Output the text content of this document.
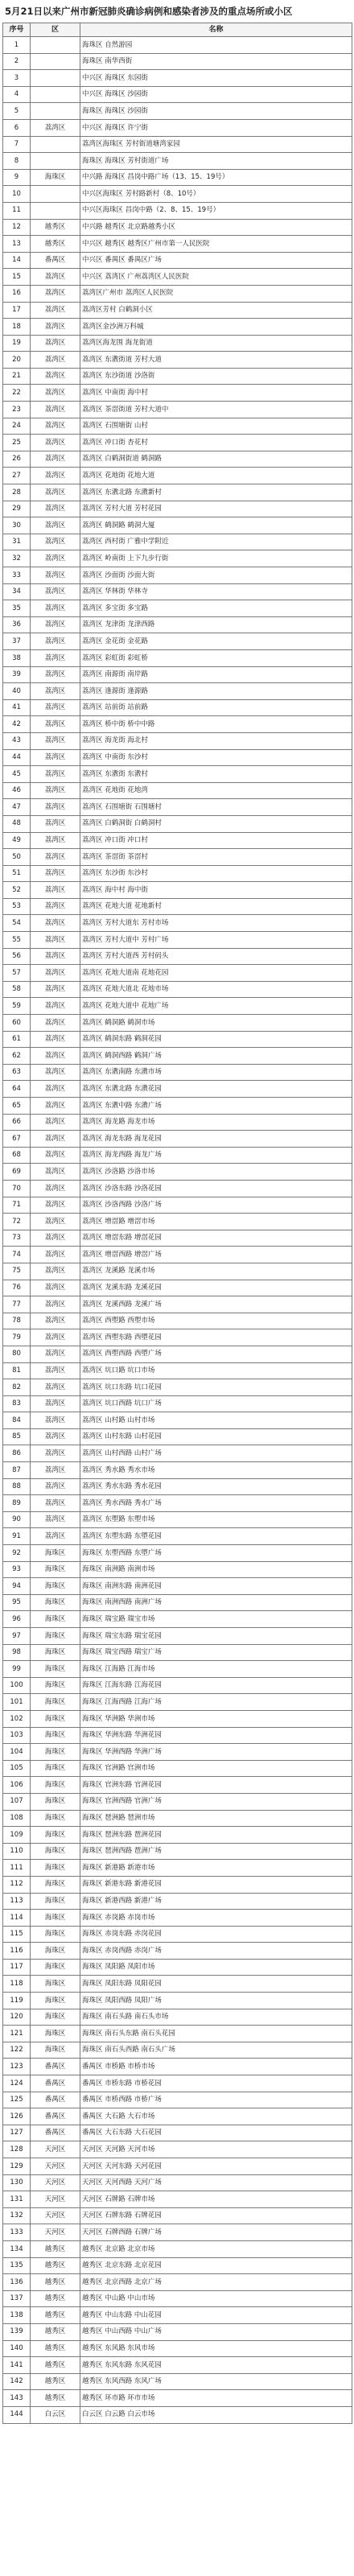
5月21日以来广州市新冠肺炎确诊病例和感染者涉及的重点场所或小区
序号	区	名称
1		海珠区 自然游园
2		海珠区 南华西街
3		中兴区 海珠区 东园街
4		中兴区 海珠区 沙园街
5		海珠区 海珠区 沙园街
6	荔湾区	中兴区 海珠区 许宁街
7		荔湾区海珠区 芳村街道塘湾家园
8		海珠区 海珠区 芳村街道广场
9	海珠区	中兴路 海珠区 昌岗中路广场（13、15、19号）
10		中兴区海珠区 芳村路新村（8、10号）
11		中兴区海珠区 昌岗中路（2、8、15、19号）
12	越秀区	中兴路 越秀区 北京路越秀小区
13	越秀区	中兴区 越秀区 越秀区广州市第一人民医院
14	番禺区	中兴区 番禺区 番禺区广场
15	荔湾区	中兴区 荔湾区 广州荔湾区人民医院
16	荔湾区	荔湾区广州市 荔湾区人民医院
17	荔湾区	荔湾区芳村 白鹤洞小区
18	荔湾区	荔湾区金沙洲万科城
19	荔湾区	荔湾区海龙围 海龙街道
20	荔湾区	荔湾区 东漖街道 芳村大道
21	荔湾区	荔湾区 东沙街道 沙洛街
22	荔湾区	荔湾区 中南街 海中村
23	荔湾区	荔湾区 茶滘街道 芳村大道中
24	荔湾区	荔湾区 石围塘街 山村
25	荔湾区	荔湾区 冲口街 杏花村
26	荔湾区	荔湾区 白鹤洞街道 鹤洞路
27	荔湾区	荔湾区 花地街 花地大道
28	荔湾区	荔湾区 东漖北路 东漖新村
29	荔湾区	荔湾区 芳村大道 芳村花园
30	荔湾区	荔湾区 鹤洞路 鹤洞大厦
31	荔湾区	荔湾区 西村街 广雅中学附近
32	荔湾区	荔湾区 岭南街 上下九步行街
33	荔湾区	荔湾区 沙面街 沙面大街
34	荔湾区	荔湾区 华林街 华林寺
35	荔湾区	荔湾区 多宝街 多宝路
36	荔湾区	荔湾区 龙津街 龙津西路
37	荔湾区	荔湾区 金花街 金花路
38	荔湾区	荔湾区 彩虹街 彩虹桥
39	荔湾区	荔湾区 南源街 南岸路
40	荔湾区	荔湾区 逢源街 逢源路
41	荔湾区	荔湾区 站前街 站前路
42	荔湾区	荔湾区 桥中街 桥中中路
43	荔湾区	荔湾区 海龙街 海北村
44	荔湾区	荔湾区 中南街 东沙村
45	荔湾区	荔湾区 东漖街 东漖村
46	荔湾区	荔湾区 花地街 花地湾
47	荔湾区	荔湾区 石围塘街 石围塘村
48	荔湾区	荔湾区 白鹤洞街 白鹤洞村
49	荔湾区	荔湾区 冲口街 冲口村
50	荔湾区	荔湾区 茶滘街 茶滘村
51	荔湾区	荔湾区 东沙街 东沙村
52	荔湾区	荔湾区 海中村 海中街
53	荔湾区	荔湾区 花地大道 花地新村
54	荔湾区	荔湾区 芳村大道东 芳村市场
55	荔湾区	荔湾区 芳村大道中 芳村广场
56	荔湾区	荔湾区 芳村大道西 芳村码头
57	荔湾区	荔湾区 花地大道南 花地花园
58	荔湾区	荔湾区 花地大道北 花地市场
59	荔湾区	荔湾区 花地大道中 花地广场
60	荔湾区	荔湾区 鹤洞路 鹤洞市场
61	荔湾区	荔湾区 鹤洞东路 鹤洞花园
62	荔湾区	荔湾区 鹤洞西路 鹤洞广场
63	荔湾区	荔湾区 东漖南路 东漖市场
64	荔湾区	荔湾区 东漖北路 东漖花园
65	荔湾区	荔湾区 东漖中路 东漖广场
66	荔湾区	荔湾区 海龙路 海龙市场
67	荔湾区	荔湾区 海龙东路 海龙花园
68	荔湾区	荔湾区 海龙西路 海龙广场
69	荔湾区	荔湾区 沙洛路 沙洛市场
70	荔湾区	荔湾区 沙洛东路 沙洛花园
71	荔湾区	荔湾区 沙洛西路 沙洛广场
72	荔湾区	荔湾区 增滘路 增滘市场
73	荔湾区	荔湾区 增滘东路 增滘花园
74	荔湾区	荔湾区 增滘西路 增滘广场
75	荔湾区	荔湾区 龙溪路 龙溪市场
76	荔湾区	荔湾区 龙溪东路 龙溪花园
77	荔湾区	荔湾区 龙溪西路 龙溪广场
78	荔湾区	荔湾区 西塱路 西塱市场
79	荔湾区	荔湾区 西塱东路 西塱花园
80	荔湾区	荔湾区 西塱西路 西塱广场
81	荔湾区	荔湾区 坑口路 坑口市场
82	荔湾区	荔湾区 坑口东路 坑口花园
83	荔湾区	荔湾区 坑口西路 坑口广场
84	荔湾区	荔湾区 山村路 山村市场
85	荔湾区	荔湾区 山村东路 山村花园
86	荔湾区	荔湾区 山村西路 山村广场
87	荔湾区	荔湾区 秀水路 秀水市场
88	荔湾区	荔湾区 秀水东路 秀水花园
89	荔湾区	荔湾区 秀水西路 秀水广场
90	荔湾区	荔湾区 东塱路 东塱市场
91	荔湾区	荔湾区 东塱东路 东塱花园
92	海珠区	海珠区 东塱西路 东塱广场
93	海珠区	海珠区 南洲路 南洲市场
94	海珠区	海珠区 南洲东路 南洲花园
95	海珠区	海珠区 南洲西路 南洲广场
96	海珠区	海珠区 瑞宝路 瑞宝市场
97	海珠区	海珠区 瑞宝东路 瑞宝花园
98	海珠区	海珠区 瑞宝西路 瑞宝广场
99	海珠区	海珠区 江海路 江海市场
100	海珠区	海珠区 江海东路 江海花园
101	海珠区	海珠区 江海西路 江海广场
102	海珠区	海珠区 华洲路 华洲市场
103	海珠区	海珠区 华洲东路 华洲花园
104	海珠区	海珠区 华洲西路 华洲广场
105	海珠区	海珠区 官洲路 官洲市场
106	海珠区	海珠区 官洲东路 官洲花园
107	海珠区	海珠区 官洲西路 官洲广场
108	海珠区	海珠区 琶洲路 琶洲市场
109	海珠区	海珠区 琶洲东路 琶洲花园
110	海珠区	海珠区 琶洲西路 琶洲广场
111	海珠区	海珠区 新港路 新港市场
112	海珠区	海珠区 新港东路 新港花园
113	海珠区	海珠区 新港西路 新港广场
114	海珠区	海珠区 赤岗路 赤岗市场
115	海珠区	海珠区 赤岗东路 赤岗花园
116	海珠区	海珠区 赤岗西路 赤岗广场
117	海珠区	海珠区 凤阳路 凤阳市场
118	海珠区	海珠区 凤阳东路 凤阳花园
119	海珠区	海珠区 凤阳西路 凤阳广场
120	海珠区	海珠区 南石头路 南石头市场
121	海珠区	海珠区 南石头东路 南石头花园
122	海珠区	海珠区 南石头西路 南石头广场
123	番禺区	番禺区 市桥路 市桥市场
124	番禺区	番禺区 市桥东路 市桥花园
125	番禺区	番禺区 市桥西路 市桥广场
126	番禺区	番禺区 大石路 大石市场
127	番禺区	番禺区 大石东路 大石花园
128	天河区	天河区 天河路 天河市场
129	天河区	天河区 天河东路 天河花园
130	天河区	天河区 天河西路 天河广场
131	天河区	天河区 石牌路 石牌市场
132	天河区	天河区 石牌东路 石牌花园
133	天河区	天河区 石牌西路 石牌广场
134	越秀区	越秀区 北京路 北京市场
135	越秀区	越秀区 北京东路 北京花园
136	越秀区	越秀区 北京西路 北京广场
137	越秀区	越秀区 中山路 中山市场
138	越秀区	越秀区 中山东路 中山花园
139	越秀区	越秀区 中山西路 中山广场
140	越秀区	越秀区 东风路 东风市场
141	越秀区	越秀区 东风东路 东风花园
142	越秀区	越秀区 东风西路 东风广场
143	越秀区	越秀区 环市路 环市市场
144	白云区	白云区 白云路 白云市场
